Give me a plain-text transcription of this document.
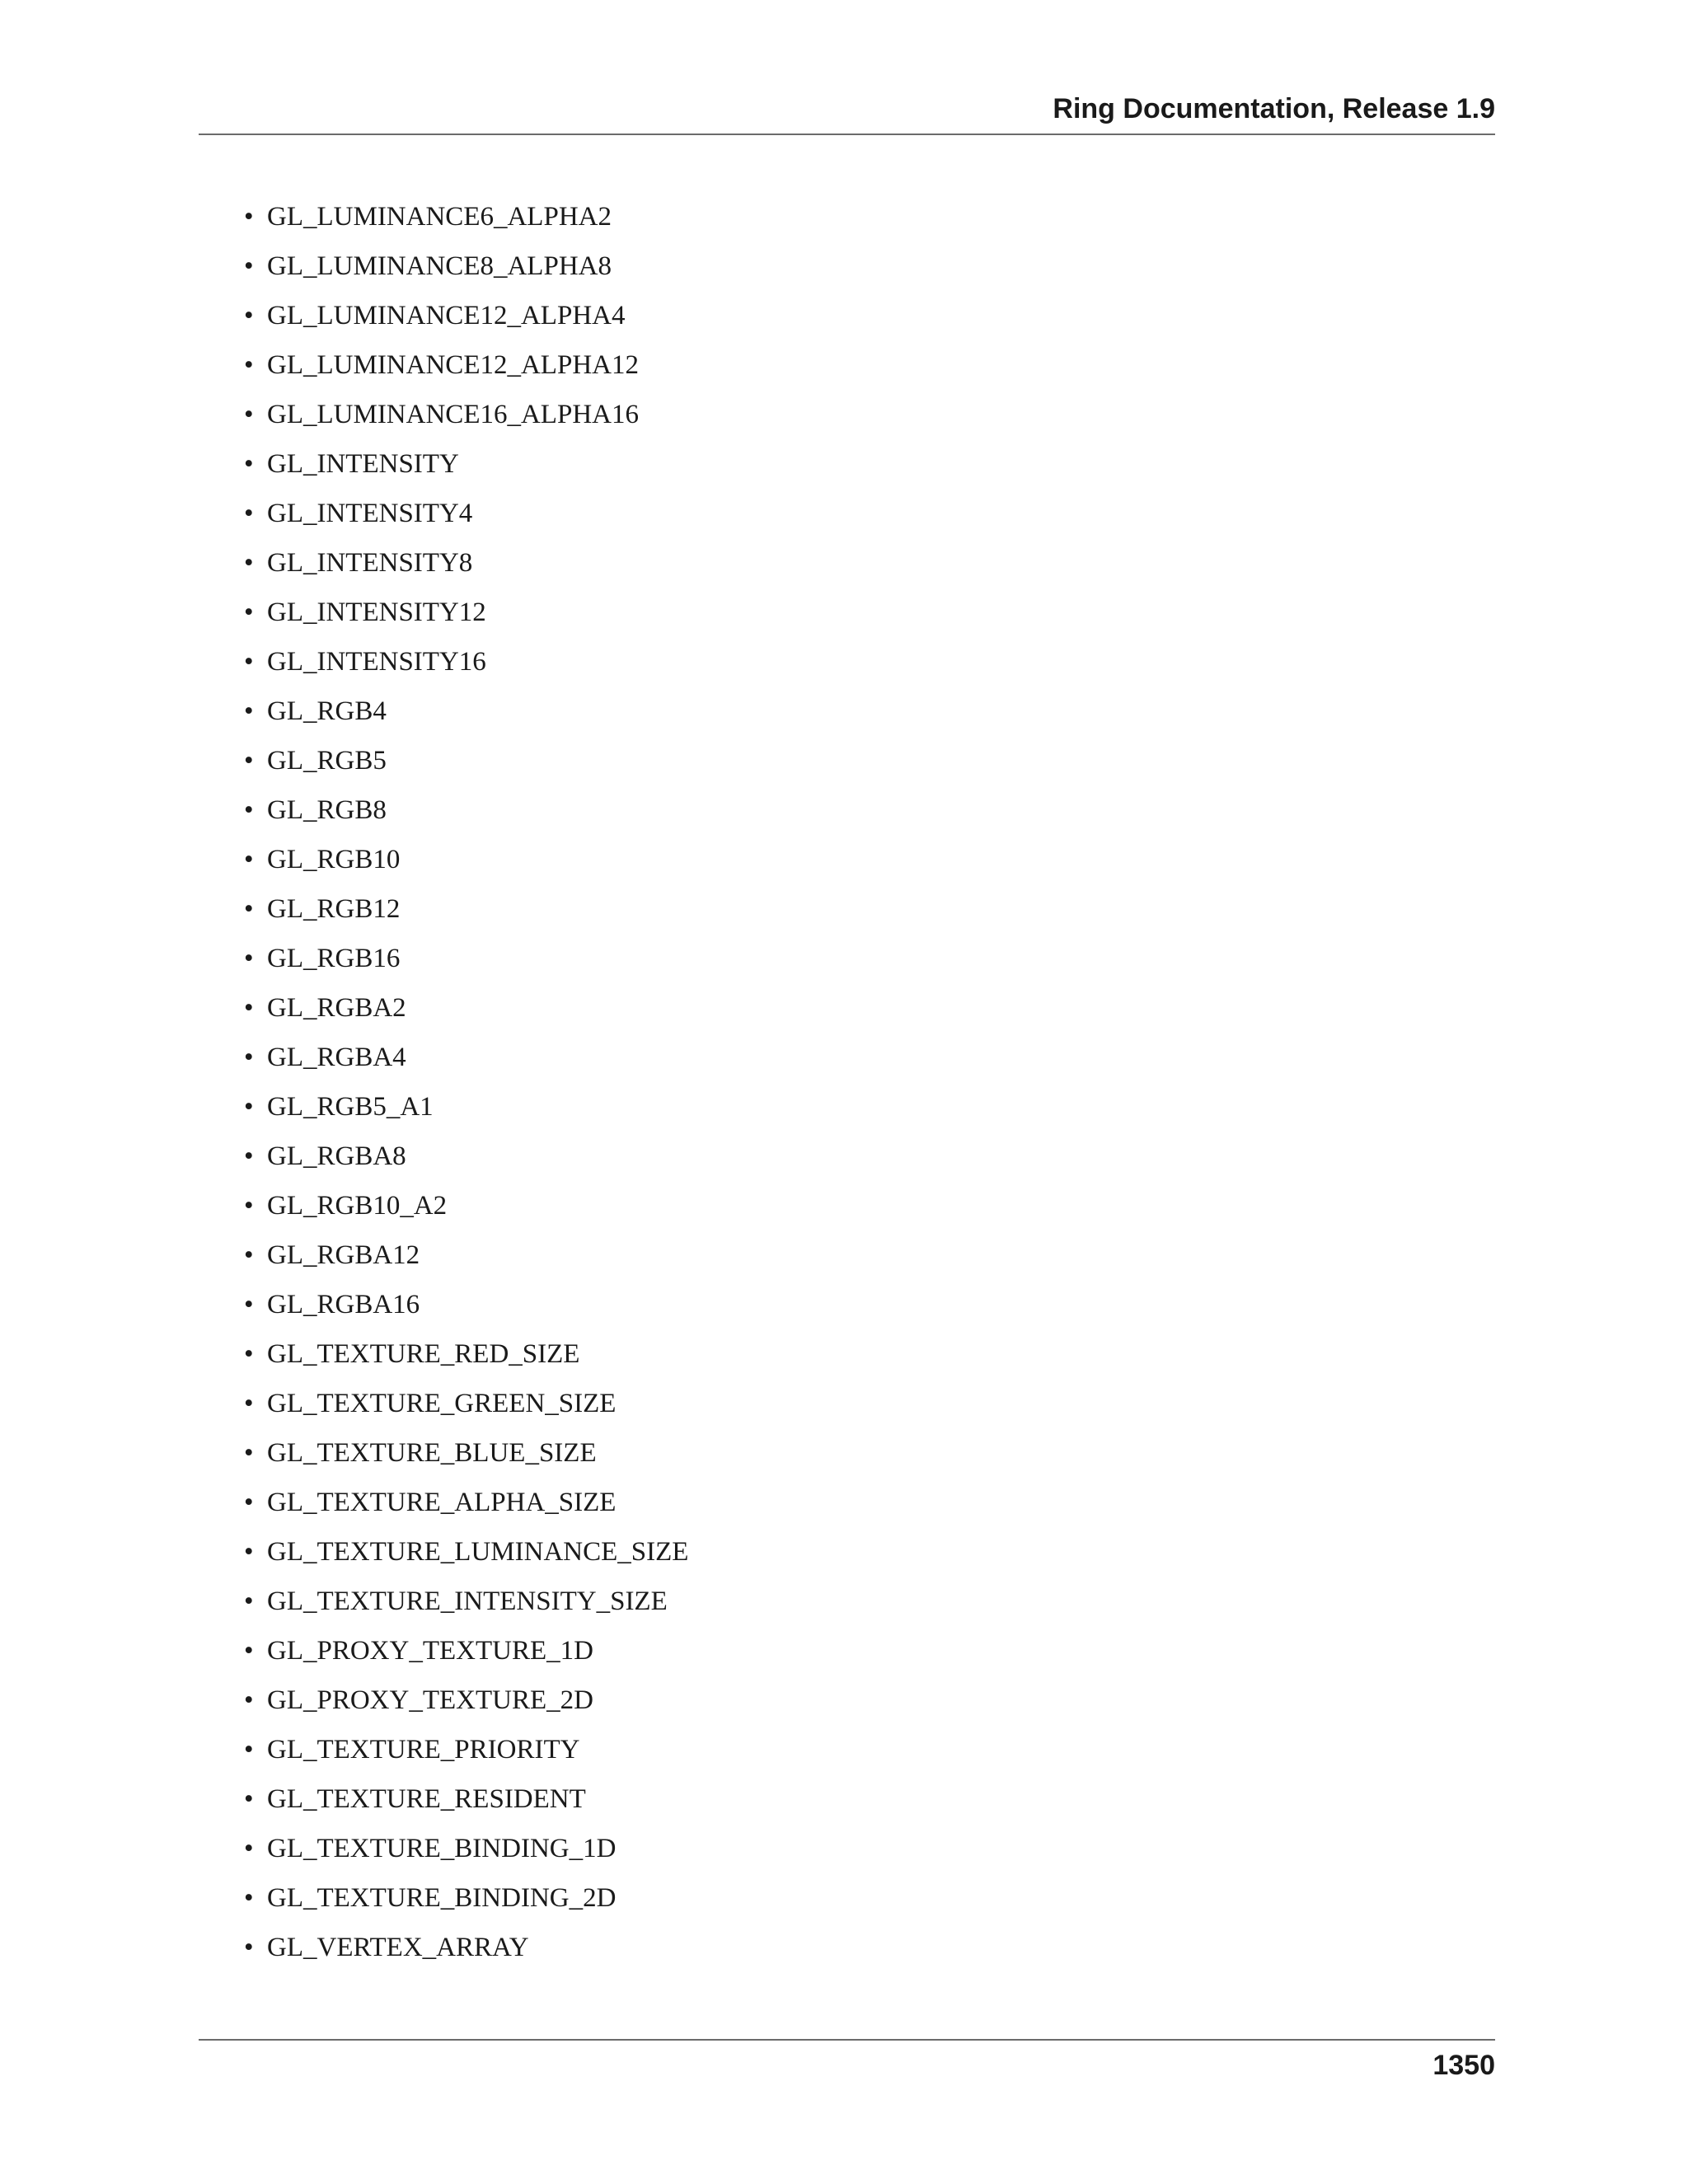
Ring Documentation, Release 1.9
• GL_LUMINANCE6_ALPHA2
• GL_LUMINANCE8_ALPHA8
• GL_LUMINANCE12_ALPHA4
• GL_LUMINANCE12_ALPHA12
• GL_LUMINANCE16_ALPHA16
• GL_INTENSITY
• GL_INTENSITY4
• GL_INTENSITY8
• GL_INTENSITY12
• GL_INTENSITY16
• GL_RGB4
• GL_RGB5
• GL_RGB8
• GL_RGB10
• GL_RGB12
• GL_RGB16
• GL_RGBA2
• GL_RGBA4
• GL_RGB5_A1
• GL_RGBA8
• GL_RGB10_A2
• GL_RGBA12
• GL_RGBA16
• GL_TEXTURE_RED_SIZE
• GL_TEXTURE_GREEN_SIZE
• GL_TEXTURE_BLUE_SIZE
• GL_TEXTURE_ALPHA_SIZE
• GL_TEXTURE_LUMINANCE_SIZE
• GL_TEXTURE_INTENSITY_SIZE
• GL_PROXY_TEXTURE_1D
• GL_PROXY_TEXTURE_2D
• GL_TEXTURE_PRIORITY
• GL_TEXTURE_RESIDENT
• GL_TEXTURE_BINDING_1D
• GL_TEXTURE_BINDING_2D
• GL_VERTEX_ARRAY
1350
